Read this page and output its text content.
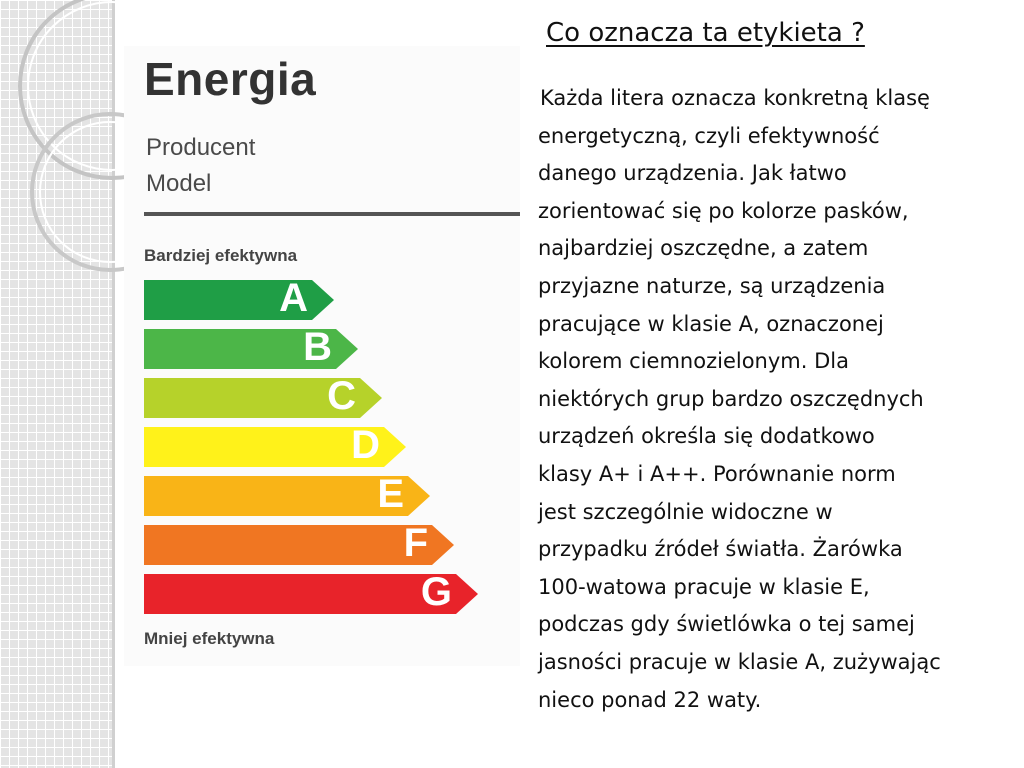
Energia
Producent
Model
Bardziej efektywna
A
B
C
D
E
F
G
Mniej efektywna
Co oznacza ta etykieta ?

Każda litera oznacza konkretną klasę
energetyczną, czyli efektywność
danego urządzenia. Jak łatwo
zorientować się po kolorze pasków,
najbardziej oszczędne, a zatem
przyjazne naturze, są urządzenia
pracujące w klasie A, oznaczonej
kolorem ciemnozielonym. Dla
niektórych grup bardzo oszczędnych
urządzeń określa się dodatkowo
klasy A+ i A++. Porównanie norm
jest szczególnie widoczne w
przypadku źródeł światła. Żarówka
100-watowa pracuje w klasie E,
podczas gdy świetlówka o tej samej
jasności pracuje w klasie A, zużywając
nieco ponad 22 waty.
